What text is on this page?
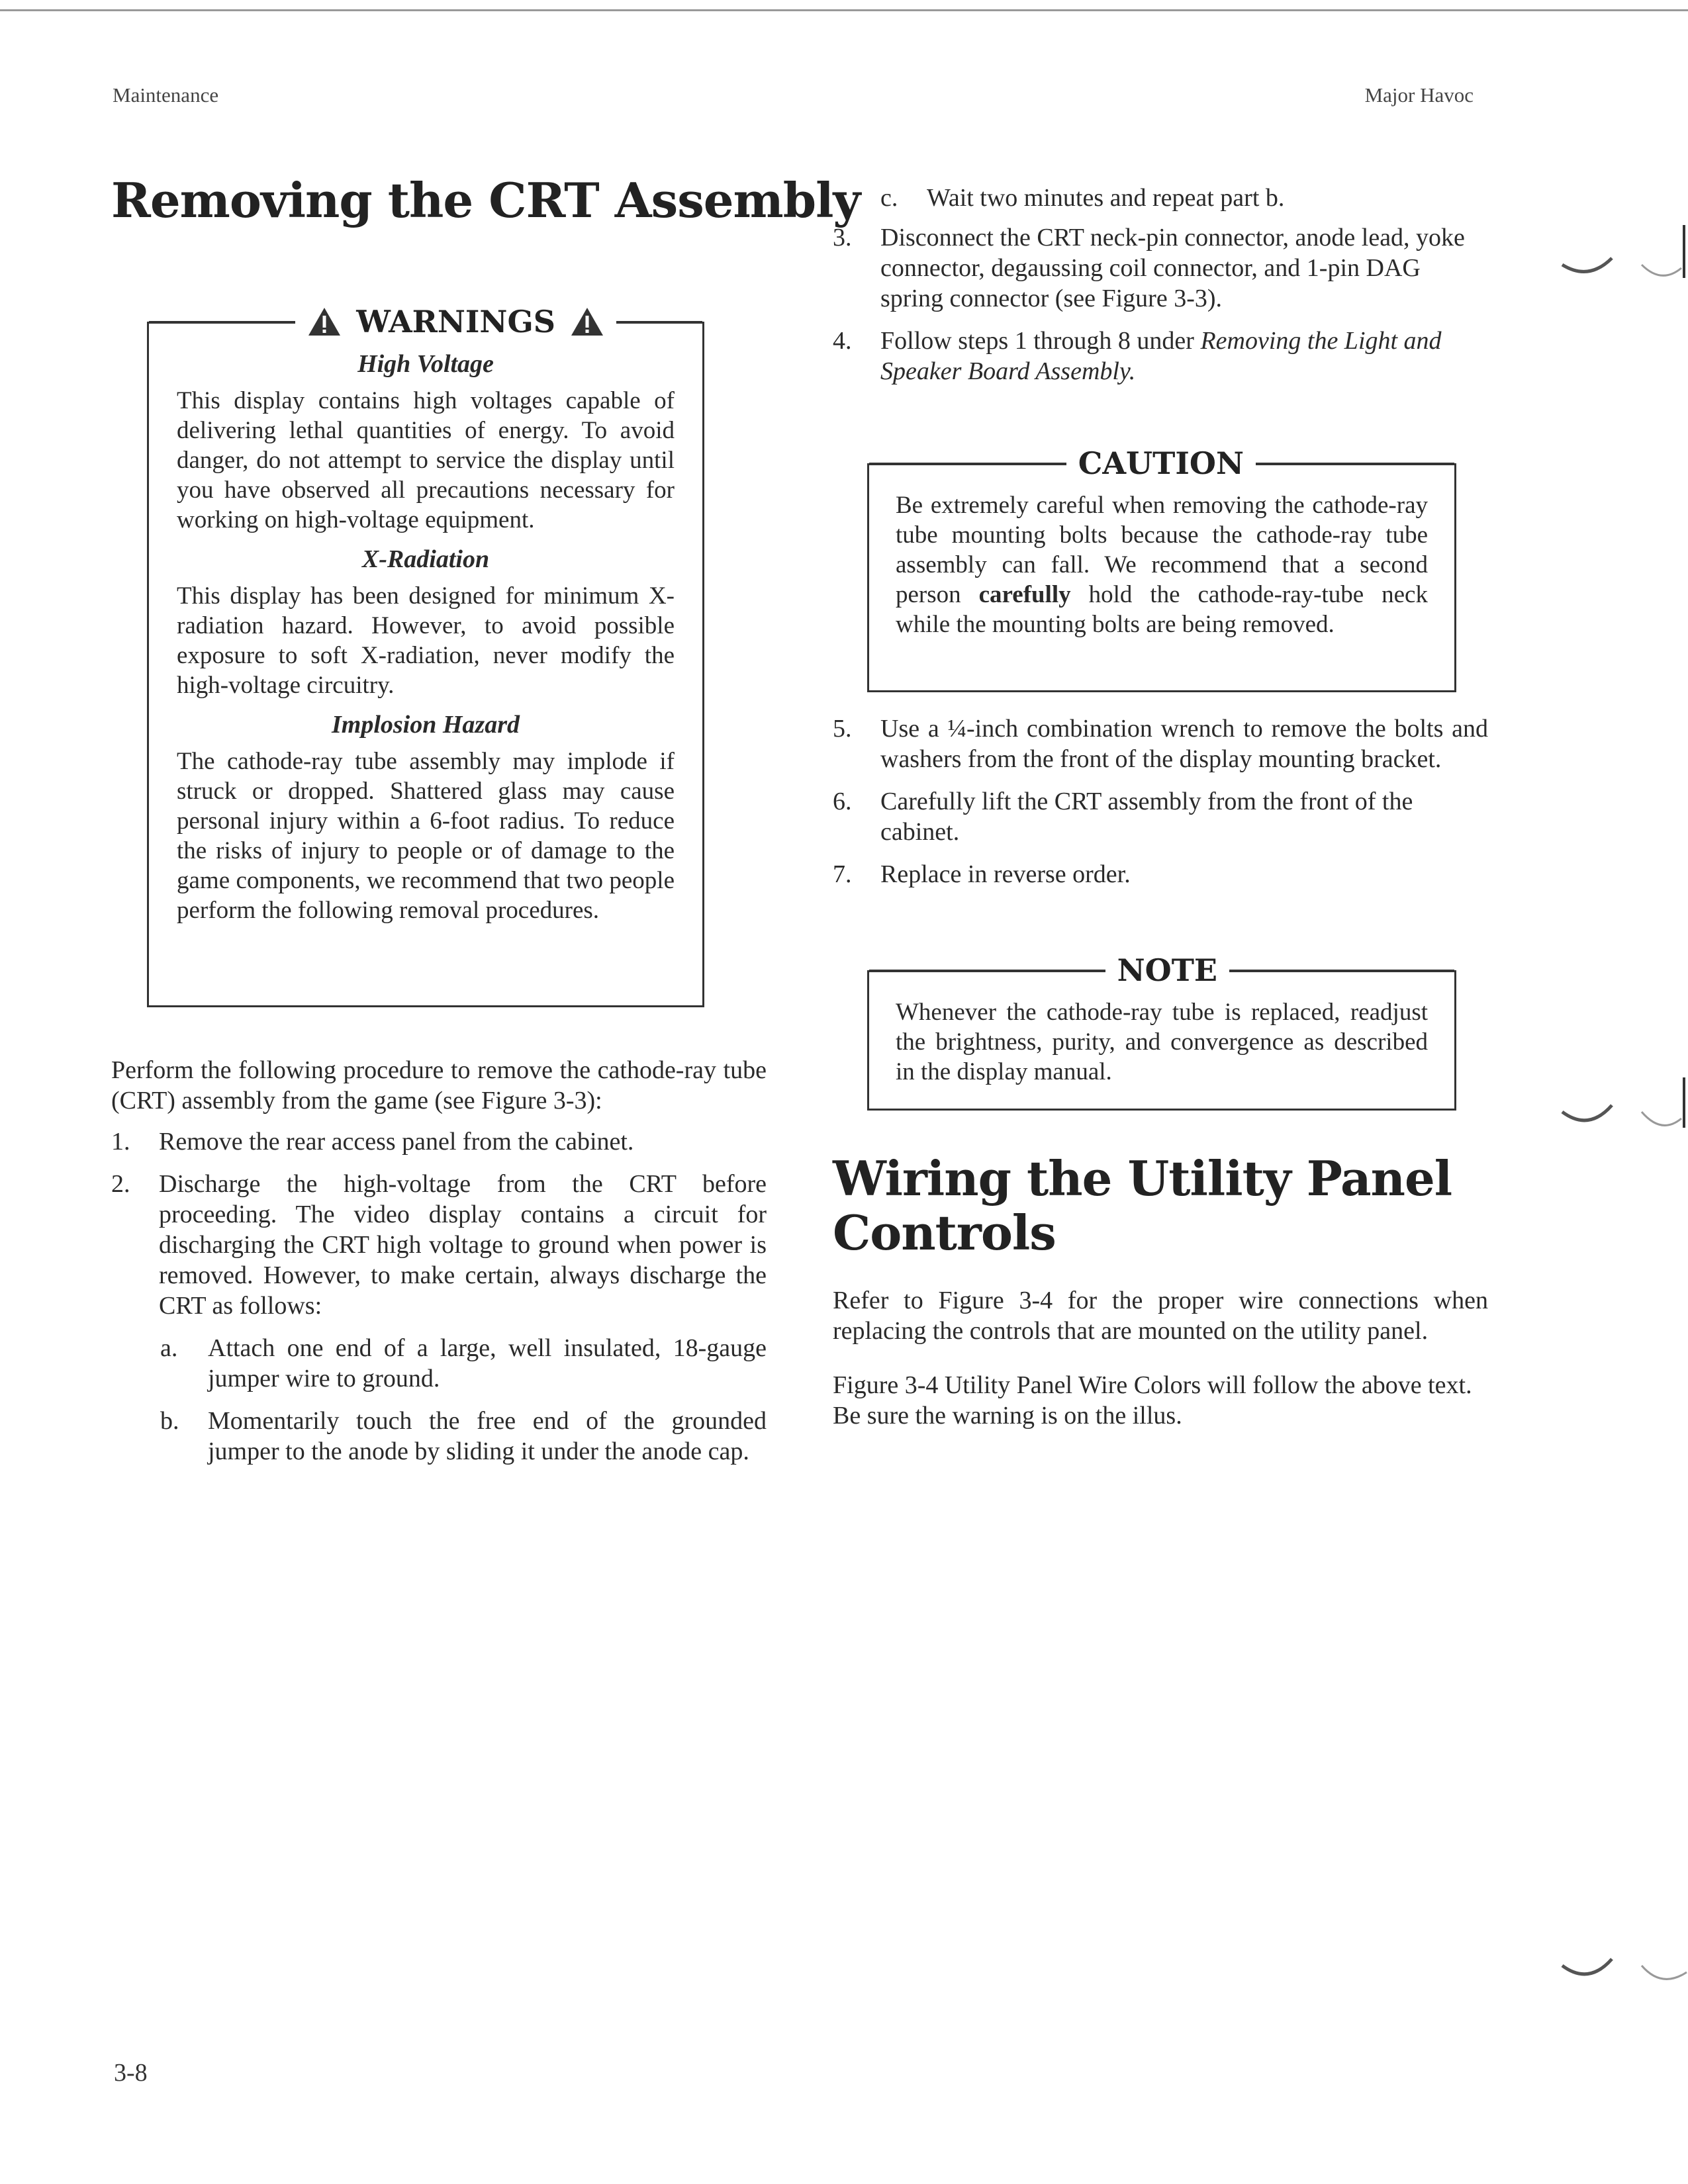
Maintenance	Major Havoc
Removing the CRT Assembly
WARNINGS
High Voltage

This display contains high voltages capable of delivering lethal quantities of energy. To avoid danger, do not attempt to service the display until you have observed all precautions necessary for working on high-voltage equipment.

X-Radiation

This display has been designed for minimum X-radiation hazard. However, to avoid possible exposure to soft X-radiation, never modify the high-voltage circuitry.

Implosion Hazard

The cathode-ray tube assembly may implode if struck or dropped. Shattered glass may cause personal injury within a 6-foot radius. To reduce the risks of injury to people or of damage to the game components, we recommend that two people perform the following removal procedures.

Perform the following procedure to remove the cathode-ray tube (CRT) assembly from the game (see Figure 3-3):

1. Remove the rear access panel from the cabinet.

2. Discharge the high-voltage from the CRT before proceeding. The video display contains a circuit for discharging the CRT high voltage to ground when power is removed. However, to make certain, always discharge the CRT as follows:

a. Attach one end of a large, well insulated, 18-gauge jumper wire to ground.

b. Momentarily touch the free end of the grounded jumper to the anode by sliding it under the anode cap.

c. Wait two minutes and repeat part b.

3. Disconnect the CRT neck-pin connector, anode lead, yoke connector, degaussing coil connector, and 1-pin DAG spring connector (see Figure 3-3).

4. Follow steps 1 through 8 under Removing the Light and Speaker Board Assembly.

CAUTION

Be extremely careful when removing the cathode-ray tube mounting bolts because the cathode-ray tube assembly can fall. We recommend that a second person carefully hold the cathode-ray-tube neck while the mounting bolts are being removed.

5. Use a ¼-inch combination wrench to remove the bolts and washers from the front of the display mounting bracket.

6. Carefully lift the CRT assembly from the front of the cabinet.

7. Replace in reverse order.

NOTE

Whenever the cathode-ray tube is replaced, readjust the brightness, purity, and convergence as described in the display manual.

Wiring the Utility Panel
Controls

Refer to Figure 3-4 for the proper wire connections when replacing the controls that are mounted on the utility panel.

Figure 3-4 Utility Panel Wire Colors will follow the above text. Be sure the warning is on the illus.

3-8
